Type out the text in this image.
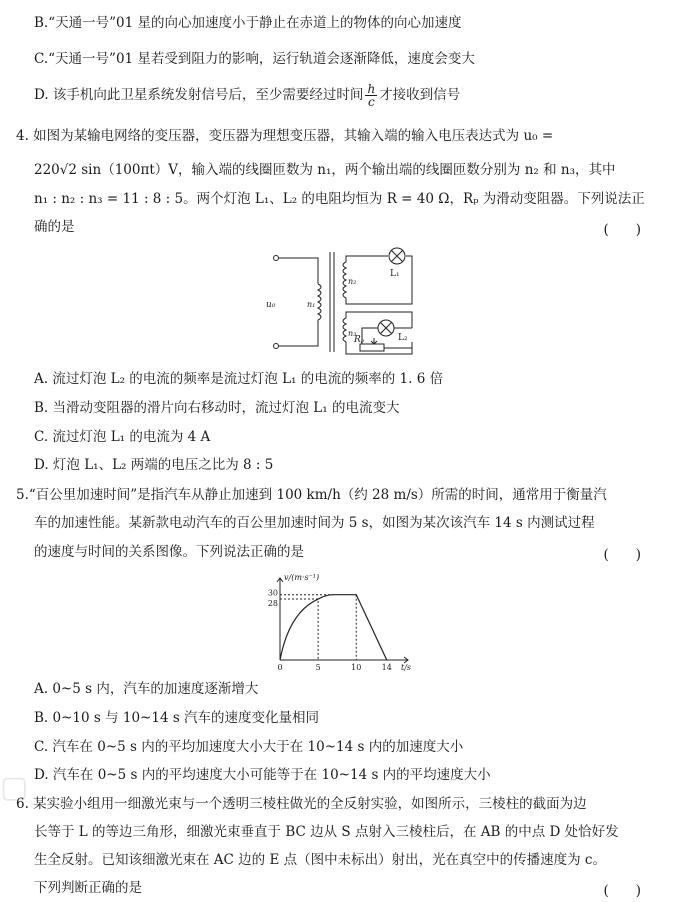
▢
B.“天通一号”01 星的向心加速度小于静止在赤道上的物体的向心加速度
C.“天通一号”01 星若受到阻力的影响，运行轨道会逐渐降低，速度会变大
D. 该手机向此卫星系统发射信号后，至少需要经过时间 $\frac{h}{c}$ 才接收到信号
4. 如图为某输电网络的变压器，变压器为理想变压器，其输入端的输入电压表达式为 u₀ =
220√2 sin（100πt）V，输入端的线圈匝数为 n₁，两个输出端的线圈匝数分别为 n₂ 和 n₃，其中
n₁ : n₂ : n₃ = 11 : 8 : 5。两个灯泡 L₁、L₂ 的电阻均恒为 R = 40 Ω，Rₚ 为滑动变阻器。下列说法正
确的是	(　　)
u₀	n₁
n₂
n₃
L₁
L₂
Rₚ
A. 流过灯泡 L₂ 的电流的频率是流过灯泡 L₁ 的电流的频率的 1. 6 倍
B. 当滑动变阻器的滑片向右移动时，流过灯泡 L₁ 的电流变大
C. 流过灯泡 L₁ 的电流为 4 A
D. 灯泡 L₁、L₂ 两端的电压之比为 8 : 5
5.“百公里加速时间”是指汽车从静止加速到 100 km/h（约 28 m/s）所需的时间，通常用于衡量汽
车的加速性能。某新款电动汽车的百公里加速时间为 5 s，如图为某次该汽车 14 s 内测试过程
的速度与时间的关系图像。下列说法正确的是	(　　)
0	5	10	14
30
28
t/s
v/(m·s⁻¹)
A. 0~5 s 内，汽车的加速度逐渐增大
B. 0~10 s 与 10~14 s 汽车的速度变化量相同
C. 汽车在 0~5 s 内的平均加速度大小大于在 10~14 s 内的加速度大小
D. 汽车在 0~5 s 内的平均速度大小可能等于在 10~14 s 内的平均速度大小
6. 某实验小组用一细激光束与一个透明三棱柱做光的全反射实验，如图所示，三棱柱的截面为边
长等于 L 的等边三角形，细激光束垂直于 BC 边从 S 点射入三棱柱后，在 AB 的中点 D 处恰好发
生全反射。已知该细激光束在 AC 边的 E 点（图中未标出）射出，光在真空中的传播速度为 c。
下列判断正确的是	(　　)
